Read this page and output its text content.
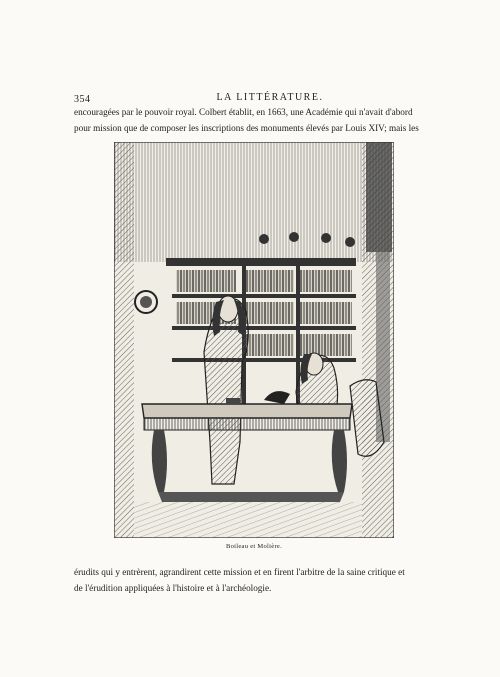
354	LA LITTÉRATURE.
encouragées par le pouvoir royal. Colbert établit, en 1663, une Académie qui n'avait d'abord
pour mission que de composer les inscriptions des monuments élevés par Louis XIV; mais les
Boileau et Molière.
érudits qui y entrèrent, agrandirent cette mission et en firent l'arbitre de la saine critique et
de l'érudition appliquées à l'histoire et à l'archéologie.
